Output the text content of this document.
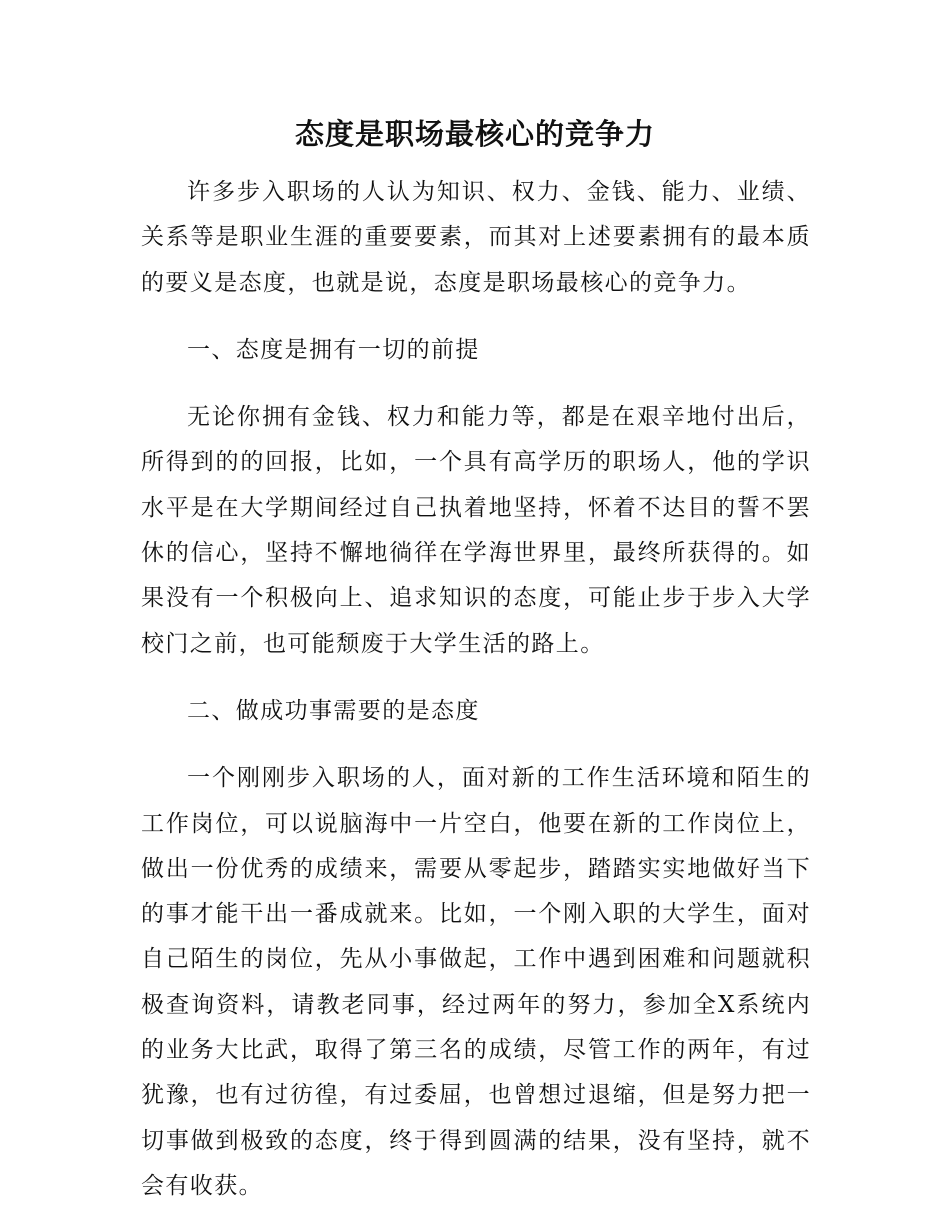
态度是职场最核心的竞争力

许多步入职场的人认为知识、权力、金钱、能力、业绩、关系等是职业生涯的重要要素，而其对上述要素拥有的最本质的要义是态度，也就是说，态度是职场最核心的竞争力。

一、态度是拥有一切的前提

无论你拥有金钱、权力和能力等，都是在艰辛地付出后，所得到的的回报，比如，一个具有高学历的职场人，他的学识水平是在大学期间经过自己执着地坚持，怀着不达目的誓不罢休的信心，坚持不懈地徜徉在学海世界里，最终所获得的。如果没有一个积极向上、追求知识的态度，可能止步于步入大学校门之前，也可能颓废于大学生活的路上。

二、做成功事需要的是态度

一个刚刚步入职场的人，面对新的工作生活环境和陌生的工作岗位，可以说脑海中一片空白，他要在新的工作岗位上，做出一份优秀的成绩来，需要从零起步，踏踏实实地做好当下的事才能干出一番成就来。比如，一个刚入职的大学生，面对自己陌生的岗位，先从小事做起，工作中遇到困难和问题就积极查询资料，请教老同事，经过两年的努力，参加全X系统内的业务大比武，取得了第三名的成绩，尽管工作的两年，有过犹豫，也有过彷徨，有过委屈，也曾想过退缩，但是努力把一切事做到极致的态度，终于得到圆满的结果，没有坚持，就不会有收获。
